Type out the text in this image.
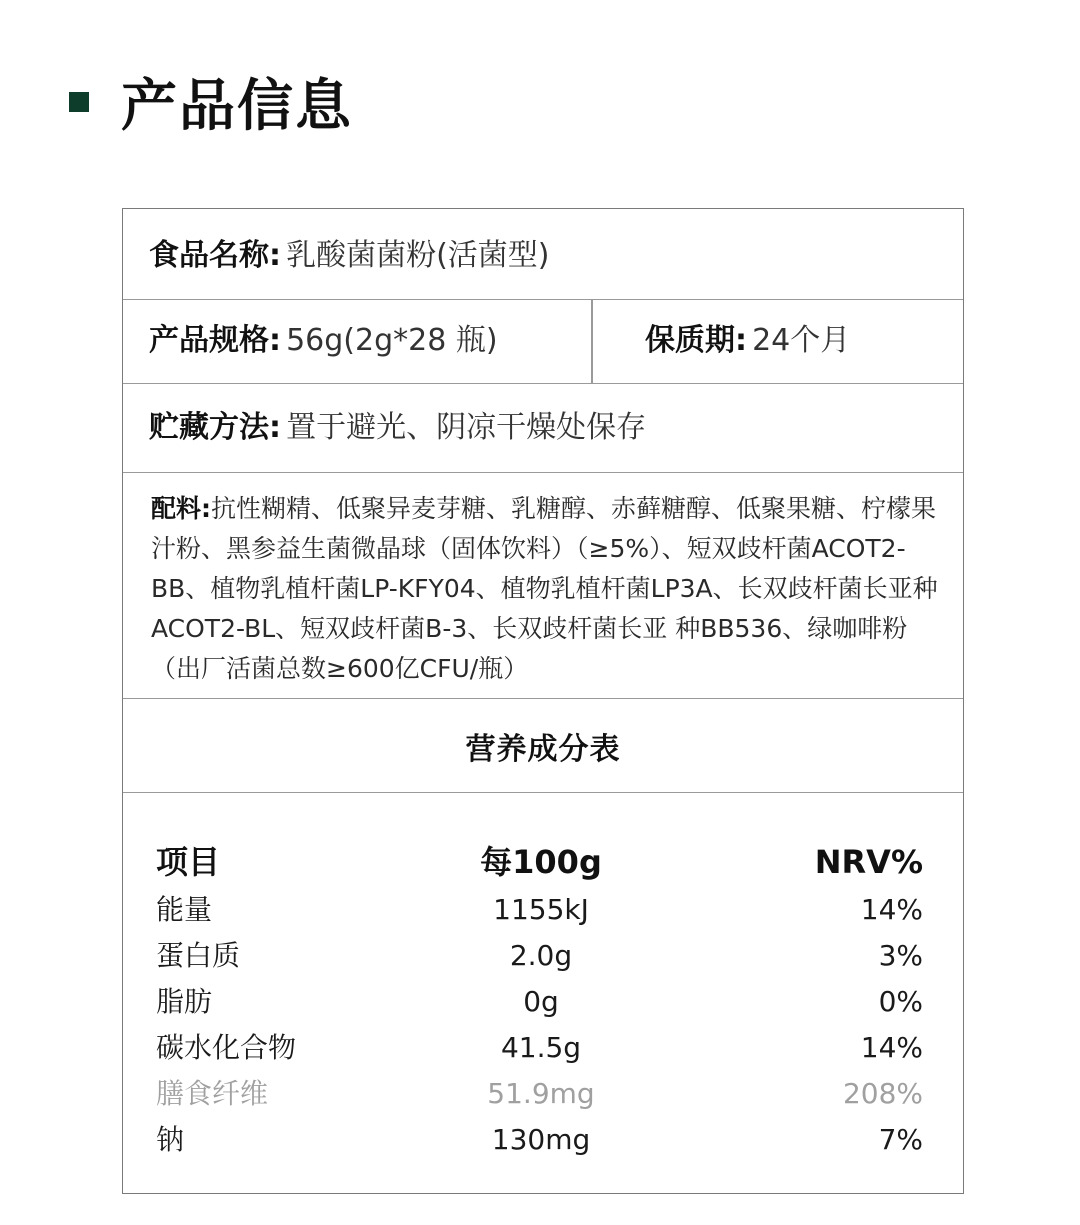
产品信息
食品名称: 乳酸菌菌粉(活菌型)
产品规格: 56g(2g*28 瓶)	保质期: 24个月
贮藏方法: 置于避光、阴凉干燥处保存
配料:抗性糊精、低聚异麦芽糖、乳糖醇、赤藓糖醇、低聚果糖、柠檬果汁粉、黑参益生菌微晶球（固体饮料）（≥5%）、短双歧杆菌ACOT2-BB、植物乳植杆菌LP-KFY04、植物乳植杆菌LP3A、长双歧杆菌长亚种ACOT2-BL、短双歧杆菌B-3、长双歧杆菌长亚 种BB536、绿咖啡粉（出厂活菌总数≥600亿CFU/瓶）
营养成分表
项目	每100g	NRV%
能量	1155kJ	14%
蛋白质	2.0g	3%
脂肪	0g	0%
碳水化合物	41.5g	14%
膳食纤维	51.9mg	208%
钠	130mg	7%
